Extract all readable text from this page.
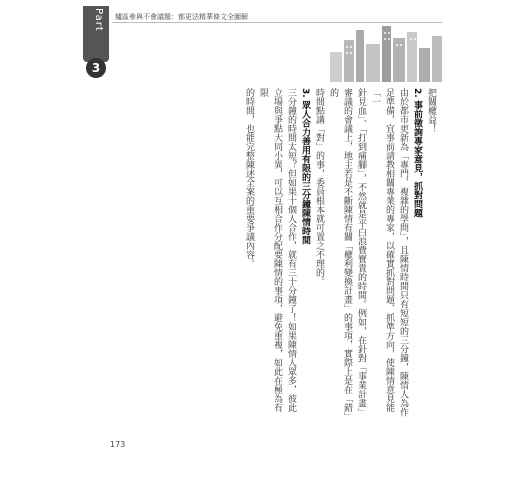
Part
3
爐區參與不會議題：都更法精華條文全圖解

把關權益！

2. 事前徵詢專家意見，抓對問題

由於都市更新為「專門、複雜的學問」，且陳情時間只有短短的三分鐘，陳情人為作

足準備，宜事前請教相關專業的專家，以確實抓對問題、抓準方向，使陳情意見能「一

針見血」、「打到痛腳」，不然就是平白浪費寶貴的時間。例如，在針對「事業計畫」

審議的會議上，地主若是不斷陳情有關「權利變換計畫」的事項，實際上是在「錯」的

時間點講「對」的事，委員根本就可置之不理的。

3. 眾人合力善用有限的三分鐘陳情時間

三分鐘的時間太短？但如果十個人合作，就有三十分鐘了！如果陳情人眾多，彼此

立場與爭點大同小異，可以互相合作分配要陳情的事項，避免重複，如此在極為有限

的時間，也能完整陳述全案的重要爭議內容。

173
